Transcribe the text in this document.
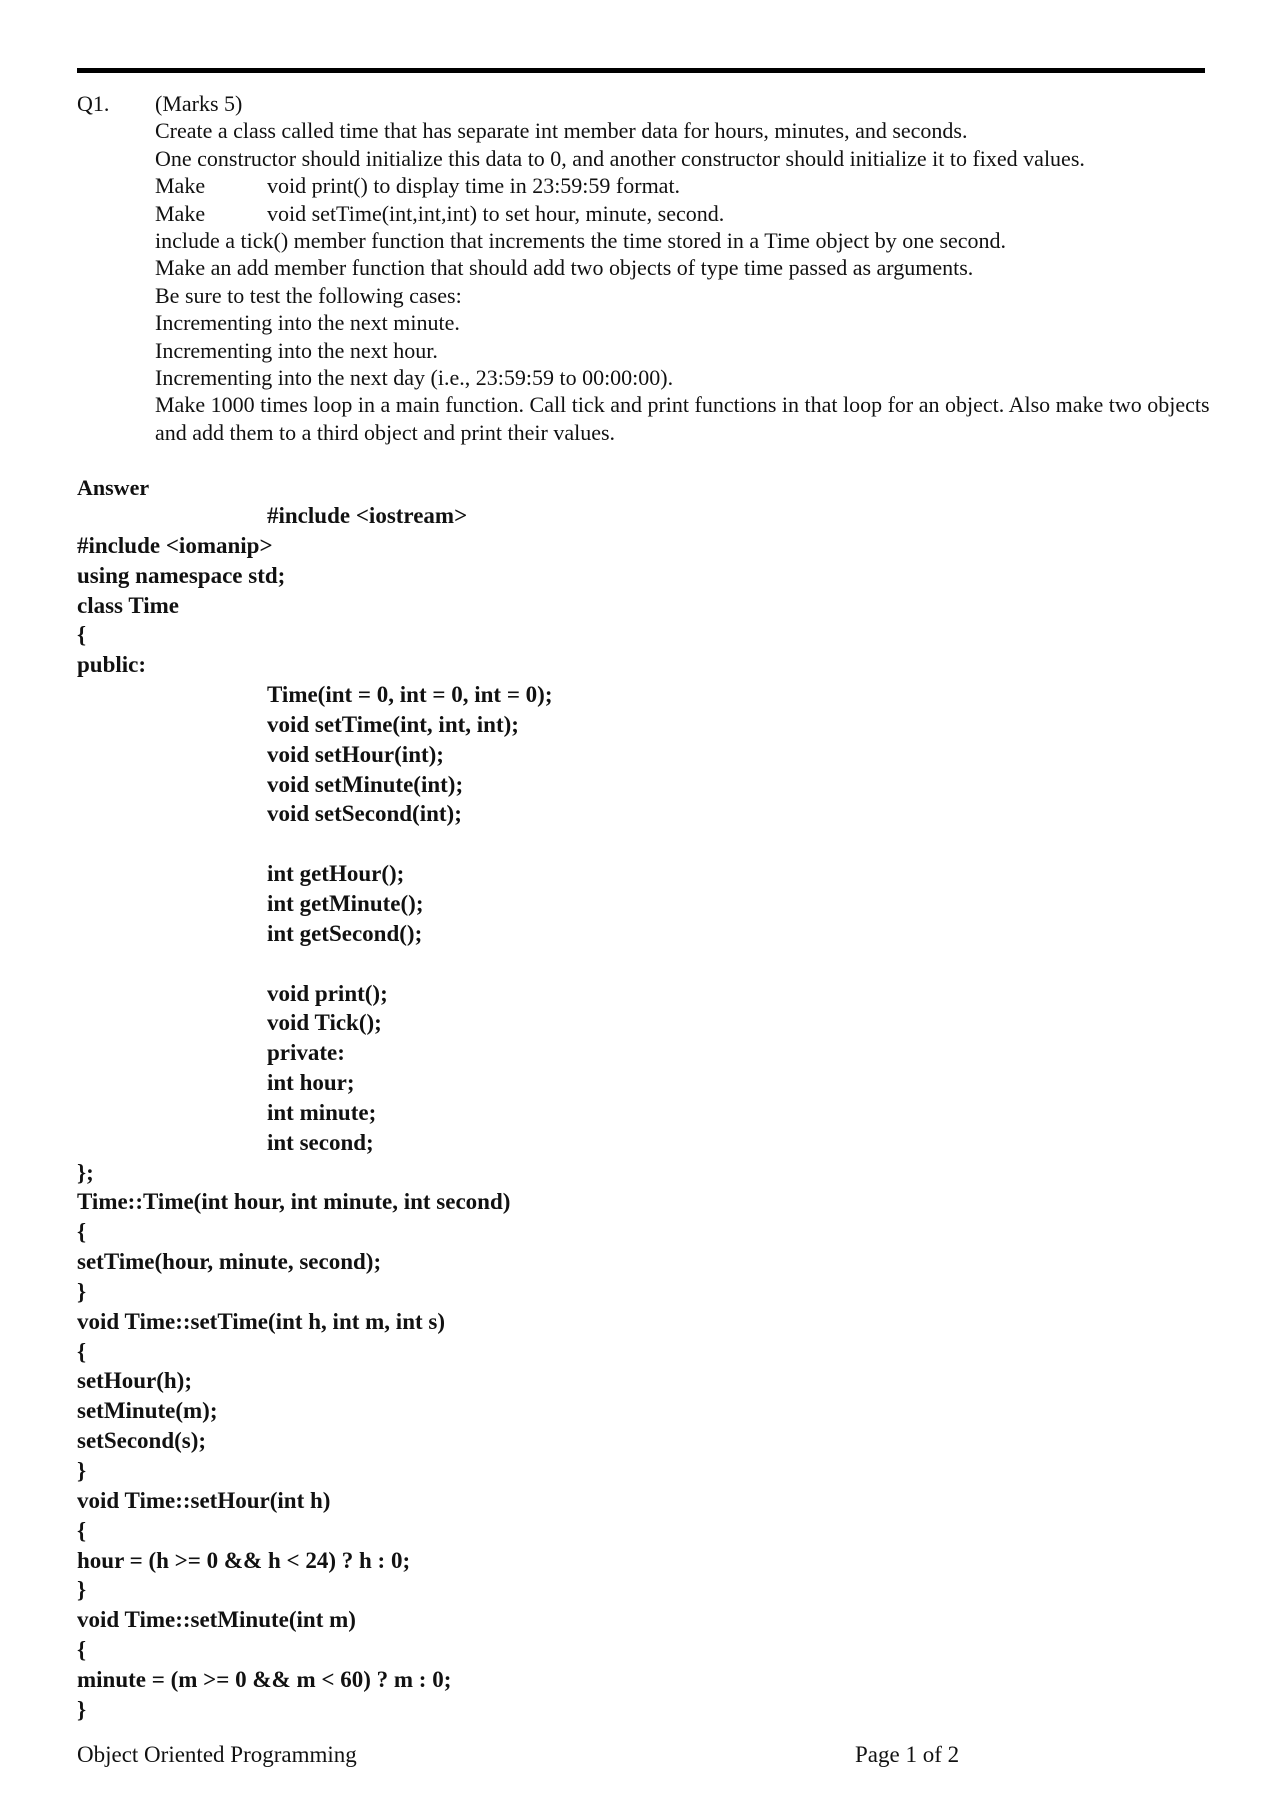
Q1. (Marks 5)
Create a class called time that has separate int member data for hours, minutes, and seconds.
One constructor should initialize this data to 0, and another constructor should initialize it to fixed values.
Make	void print() to display time in 23:59:59 format.
Make	void setTime(int,int,int) to set hour, minute, second.
include a tick() member function that increments the time stored in a Time object by one second.
Make an add member function that should add two objects of type time passed as arguments.
Be sure to test the following cases:
Incrementing into the next minute.
Incrementing into the next hour.
Incrementing into the next day (i.e., 23:59:59 to 00:00:00).
Make 1000 times loop in a main function. Call tick and print functions in that loop for an object. Also make two objects and add them to a third object and print their values.
Answer
#include <iostream>
#include <iomanip>
using namespace std;
class Time
{
public:
Time(int = 0, int = 0, int = 0);
void setTime(int, int, int);
void setHour(int);
void setMinute(int);
void setSecond(int);
int getHour();
int getMinute();
int getSecond();
void print();
void Tick();
private:
int hour;
int minute;
int second;
};
Time::Time(int hour, int minute, int second)
{
setTime(hour, minute, second);
}
void Time::setTime(int h, int m, int s)
{
setHour(h);
setMinute(m);
setSecond(s);
}
void Time::setHour(int h)
{
hour = (h >= 0 && h < 24) ? h : 0;
}
void Time::setMinute(int m)
{
minute = (m >= 0 && m < 60) ? m : 0;
}
Object Oriented Programming	Page 1 of 2
